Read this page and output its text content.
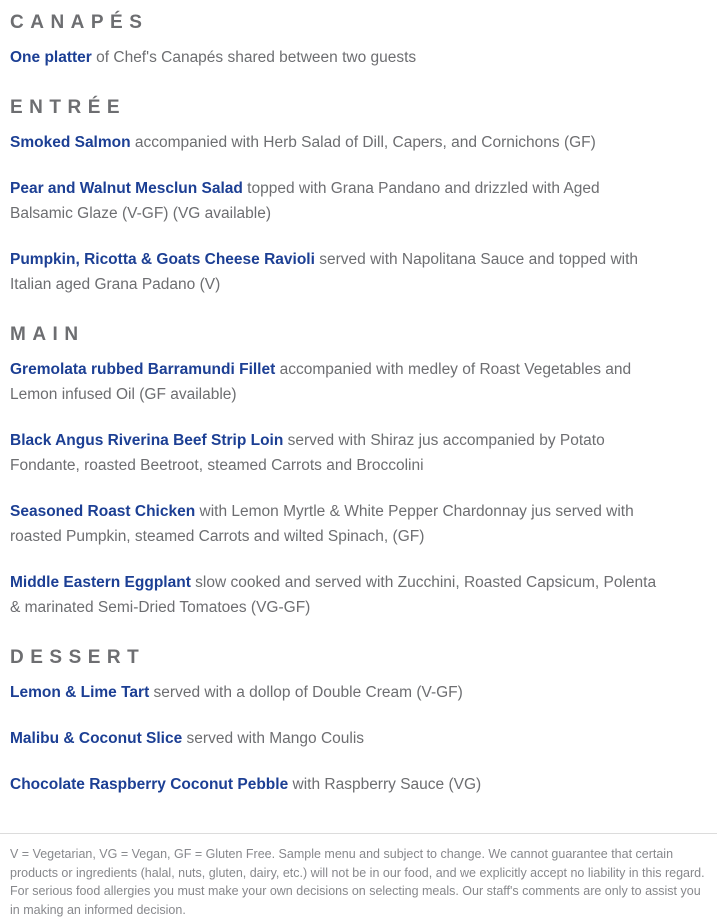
CANAPÉS

One platter of Chef's Canapés shared between two guests

ENTRÉE

Smoked Salmon accompanied with Herb Salad of Dill, Capers, and Cornichons (GF)

Pear and Walnut Mesclun Salad topped with Grana Pandano and drizzled with Aged Balsamic Glaze (V-GF) (VG available)

Pumpkin, Ricotta & Goats Cheese Ravioli served with Napolitana Sauce and topped with Italian aged Grana Padano (V)

MAIN

Gremolata rubbed Barramundi Fillet accompanied with medley of Roast Vegetables and Lemon infused Oil (GF available)

Black Angus Riverina Beef Strip Loin served with Shiraz jus accompanied by Potato Fondante, roasted Beetroot, steamed Carrots and Broccolini

Seasoned Roast Chicken with Lemon Myrtle & White Pepper Chardonnay jus served with roasted Pumpkin, steamed Carrots and wilted Spinach, (GF)

Middle Eastern Eggplant slow cooked and served with Zucchini, Roasted Capsicum, Polenta & marinated Semi-Dried Tomatoes (VG-GF)

DESSERT

Lemon & Lime Tart served with a dollop of Double Cream (V-GF)

Malibu & Coconut Slice served with Mango Coulis

Chocolate Raspberry Coconut Pebble with Raspberry Sauce (VG)

V = Vegetarian, VG = Vegan, GF = Gluten Free. Sample menu and subject to change. We cannot guarantee that certain products or ingredients (halal, nuts, gluten, dairy, etc.) will not be in our food, and we explicitly accept no liability in this regard. For serious food allergies you must make your own decisions on selecting meals. Our staff's comments are only to assist you in making an informed decision.
